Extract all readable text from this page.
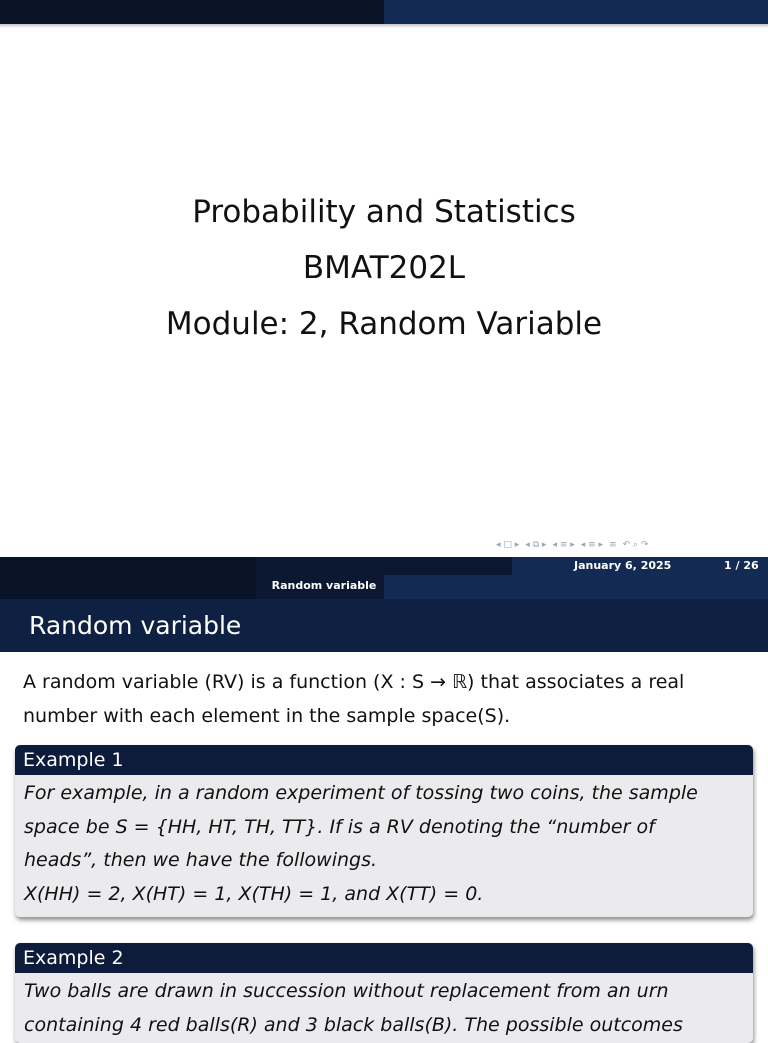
Probability and Statistics
BMAT202L
Module: 2, Random Variable
◂ □ ▸ ◂ ⧉ ▸ ◂ ≡ ▸ ◂ ≡ ▸ ≡ ↶ ⌕ ↷
January 6, 2025	1 / 26
Random variable
Random variable
A random variable (RV) is a function (X : S → ℝ) that associates a real
number with each element in the sample space(S).
Example 1
For example, in a random experiment of tossing two coins, the sample
space be S = {HH, HT, TH, TT}. If is a RV denoting the “number of
heads”, then we have the followings.
X(HH) = 2, X(HT) = 1, X(TH) = 1, and X(TT) = 0.
Example 2
Two balls are drawn in succession without replacement from an urn
containing 4 red balls(R) and 3 black balls(B). The possible outcomes
